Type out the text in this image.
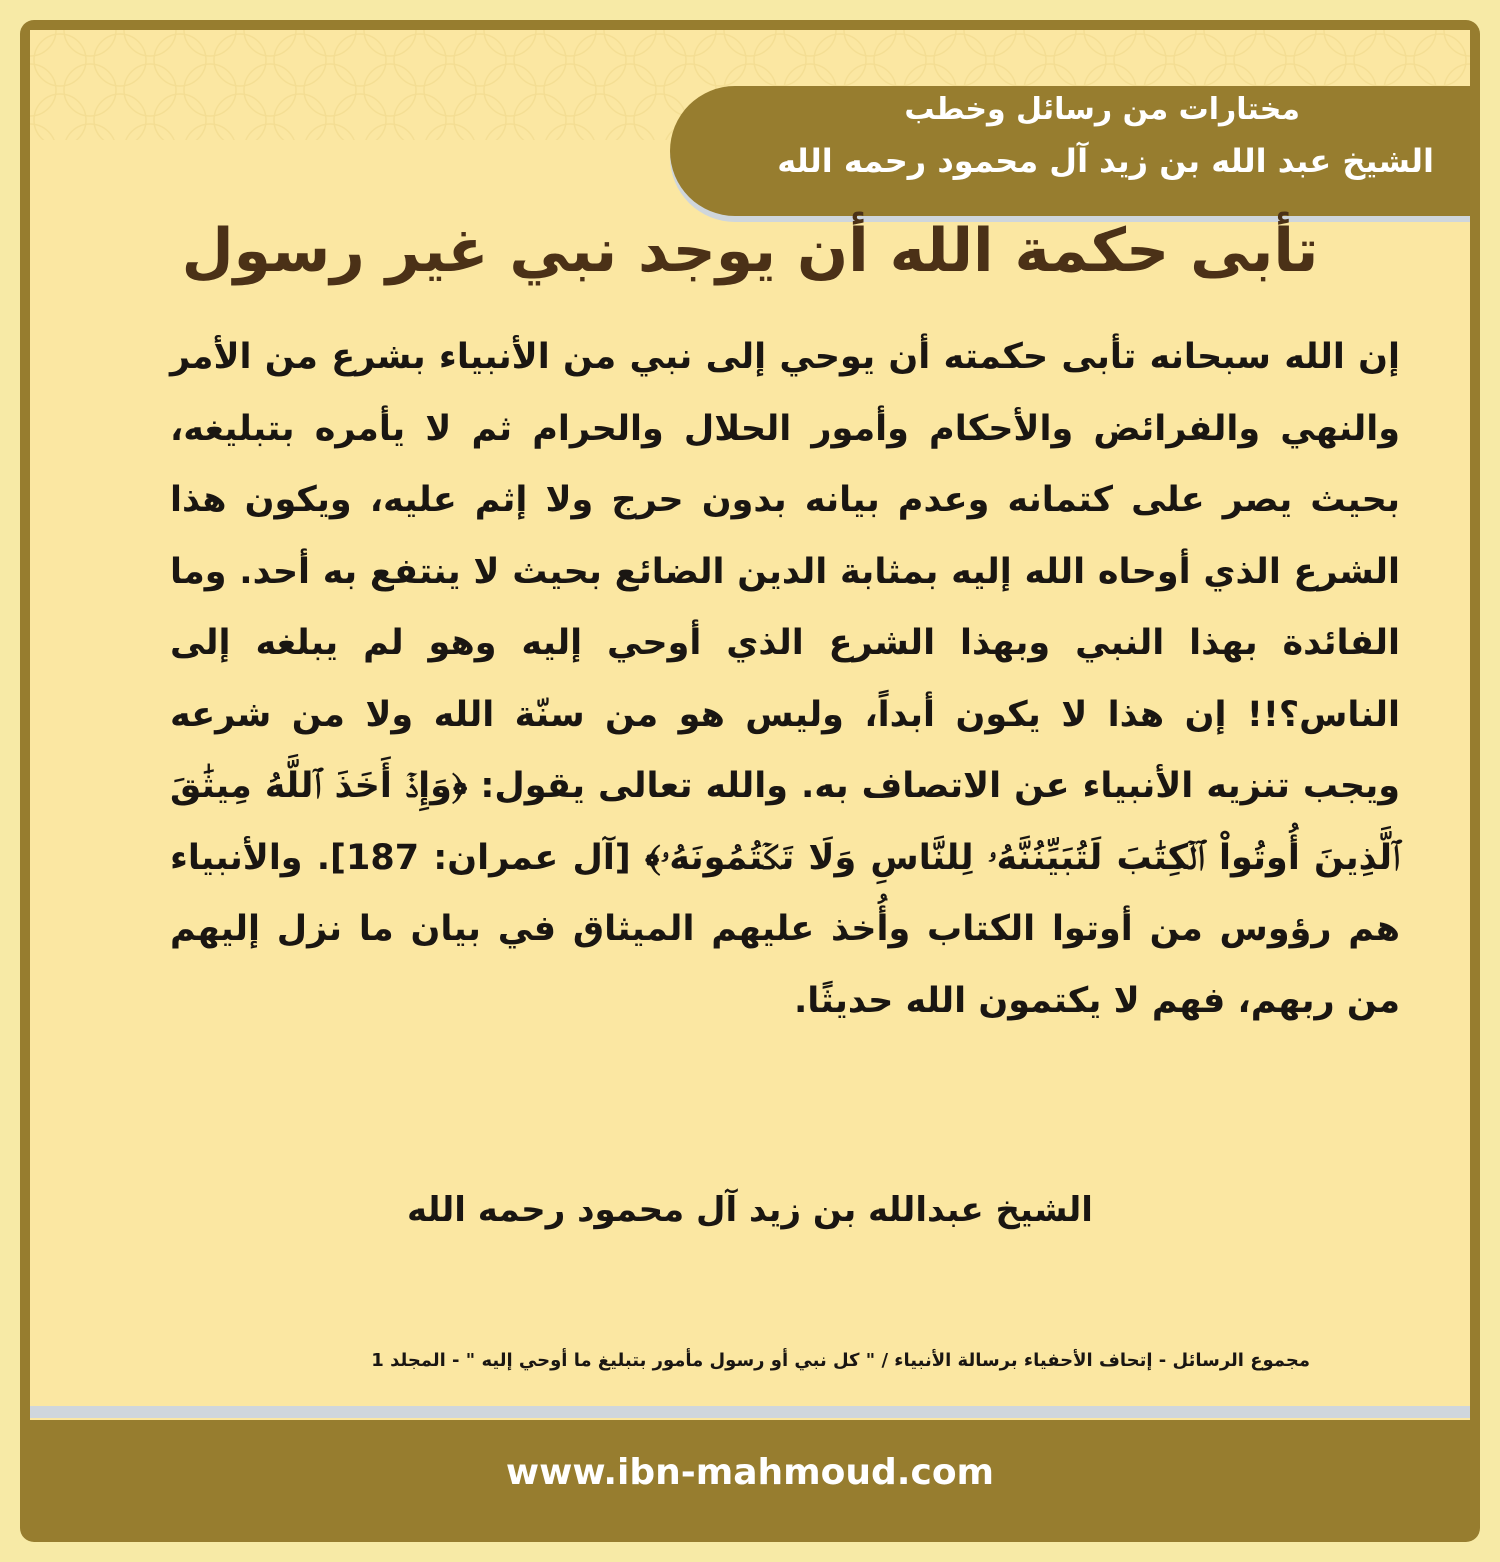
مختارات من رسائل وخطب
الشيخ عبد الله بن زيد آل محمود رحمه الله
تأبى حكمة الله أن يوجد نبي غير رسول
إن الله سبحانه تأبى حكمته أن يوحي إلى نبي من الأنبياء بشرع من الأمر والنهي والفرائض والأحكام وأمور الحلال والحرام ثم لا يأمره بتبليغه، بحيث يصر على كتمانه وعدم بيانه بدون حرج ولا إثم عليه، ويكون هذا الشرع الذي أوحاه الله إليه بمثابة الدين الضائع بحيث لا ينتفع به أحد. وما الفائدة بهذا النبي وبهذا الشرع الذي أوحي إليه وهو لم يبلغه إلى الناس؟!! إن هذا لا يكون أبداً، وليس هو من سنّة الله ولا من شرعه ويجب تنزيه الأنبياء عن الاتصاف به. والله تعالى يقول: ﴿وَإِذۡ أَخَذَ ٱللَّهُ مِيثَٰقَ ٱلَّذِينَ أُوتُواْ ٱلۡكِتَٰبَ لَتُبَيِّنُنَّهُۥ لِلنَّاسِ وَلَا تَكۡتُمُونَهُۥ﴾ [آل عمران: 187]. والأنبياء هم رؤوس من أوتوا الكتاب وأُخذ عليهم الميثاق في بيان ما نزل إليهم من ربهم، فهم لا يكتمون الله حديثًا.
الشيخ عبدالله بن زيد آل محمود رحمه الله
مجموع الرسائل - إتحاف الأحفياء برسالة الأنبياء / " كل نبي أو رسول مأمور بتبليغ ما أوحي إليه " - المجلد 1
www.ibn-mahmoud.com
